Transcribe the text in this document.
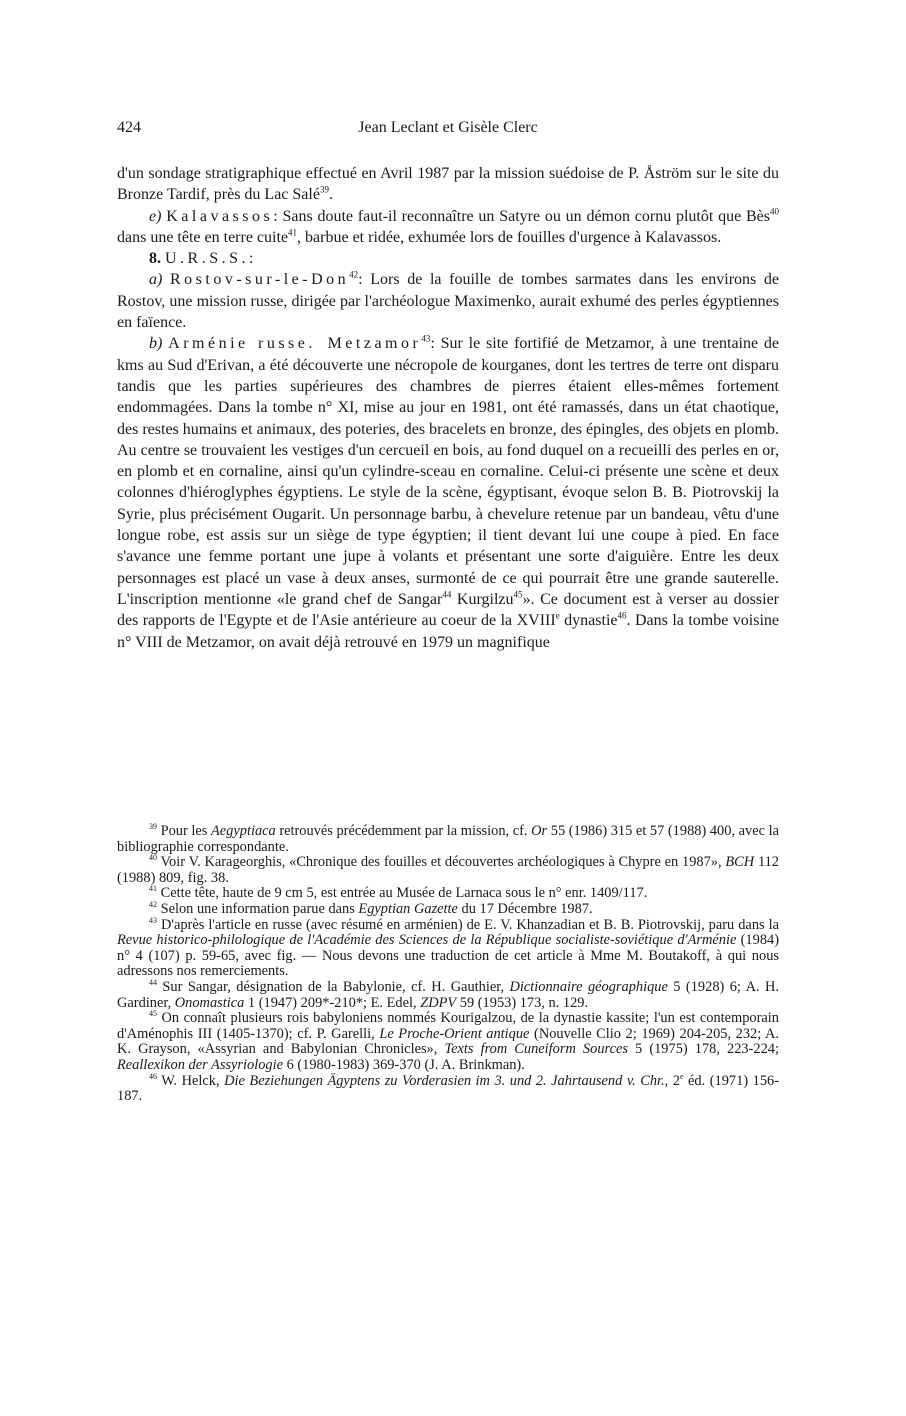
424	Jean Leclant et Gisèle Clerc

d'un sondage stratigraphique effectué en Avril 1987 par la mission suédoise de P. Åström sur le site du Bronze Tardif, près du Lac Salé$^{39}$.

e) Kalavassos: Sans doute faut-il reconnaître un Satyre ou un démon cornu plutôt que Bès$^{40}$ dans une tête en terre cuite$^{41}$, barbue et ridée, exhumée lors de fouilles d'urgence à Kalavassos.

8. U.R.S.S.:

a) Rostov-sur-le-Don$^{42}$: Lors de la fouille de tombes sarmates dans les environs de Rostov, une mission russe, dirigée par l'archéologue Maximenko, aurait exhumé des perles égyptiennes en faïence.

b) Arménie russe. Metzamor$^{43}$: Sur le site fortifié de Metzamor, à une trentaine de kms au Sud d'Erivan, a été découverte une nécropole de kourganes, dont les tertres de terre ont disparu tandis que les parties supérieures des chambres de pierres étaient elles-mêmes fortement endommagées. Dans la tombe n° XI, mise au jour en 1981, ont été ramassés, dans un état chaotique, des restes humains et animaux, des poteries, des bracelets en bronze, des épingles, des objets en plomb. Au centre se trouvaient les vestiges d'un cercueil en bois, au fond duquel on a recueilli des perles en or, en plomb et en cornaline, ainsi qu'un cylindre-sceau en cornaline. Celui-ci présente une scène et deux colonnes d'hiéroglyphes égyptiens. Le style de la scène, égyptisant, évoque selon B. B. Piotrovskij la Syrie, plus précisément Ougarit. Un personnage barbu, à chevelure retenue par un bandeau, vêtu d'une longue robe, est assis sur un siège de type égyptien; il tient devant lui une coupe à pied. En face s'avance une femme portant une jupe à volants et présentant une sorte d'aiguière. Entre les deux personnages est placé un vase à deux anses, surmonté de ce qui pourrait être une grande sauterelle. L'inscription mentionne «le grand chef de Sangar$^{44}$ Kurgilzu$^{45}$». Ce document est à verser au dossier des rapports de l'Egypte et de l'Asie antérieure au coeur de la XVIIIe dynastie$^{46}$. Dans la tombe voisine n° VIII de Metzamor, on avait déjà retrouvé en 1979 un magnifique

$^{39}$ Pour les Aegyptiaca retrouvés précédemment par la mission, cf. Or 55 (1986) 315 et 57 (1988) 400, avec la bibliographie correspondante.

$^{40}$ Voir V. Karageorghis, «Chronique des fouilles et découvertes archéologiques à Chypre en 1987», BCH 112 (1988) 809, fig. 38.

$^{41}$ Cette tête, haute de 9 cm 5, est entrée au Musée de Larnaca sous le n° enr. 1409/117.

$^{42}$ Selon une information parue dans Egyptian Gazette du 17 Décembre 1987.

$^{43}$ D'après l'article en russe (avec résumé en arménien) de E. V. Khanzadian et B. B. Piotrovskij, paru dans la Revue historico-philologique de l'Académie des Sciences de la République socialiste-soviétique d'Arménie (1984) n° 4 (107) p. 59-65, avec fig. — Nous devons une traduction de cet article à Mme M. Boutakoff, à qui nous adressons nos remerciements.

$^{44}$ Sur Sangar, désignation de la Babylonie, cf. H. Gauthier, Dictionnaire géographique 5 (1928) 6; A. H. Gardiner, Onomastica 1 (1947) 209*-210*; E. Edel, ZDPV 59 (1953) 173, n. 129.

$^{45}$ On connaît plusieurs rois babyloniens nommés Kourigalzou, de la dynastie kassite; l'un est contemporain d'Aménophis III (1405-1370); cf. P. Garelli, Le Proche-Orient antique (Nouvelle Clio 2; 1969) 204-205, 232; A. K. Grayson, «Assyrian and Babylonian Chronicles», Texts from Cuneiform Sources 5 (1975) 178, 223-224; Reallexikon der Assyriologie 6 (1980-1983) 369-370 (J. A. Brinkman).

$^{46}$ W. Helck, Die Beziehungen Ägyptens zu Vorderasien im 3. und 2. Jahrtausend v. Chr., 2e éd. (1971) 156-187.
